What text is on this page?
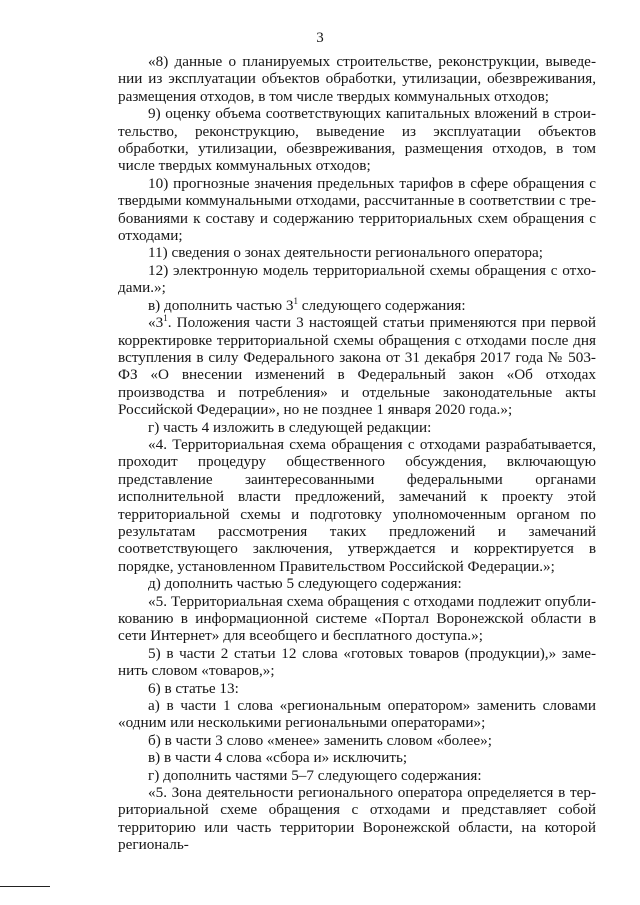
3

«8) данные о планируемых строительстве, реконструкции, выведении из эксплуатации объектов обработки, утилизации, обезвреживания, размещения отходов, в том числе твердых коммунальных отходов;

9) оценку объема соответствующих капитальных вложений в строительство, реконструкцию, выведение из эксплуатации объектов обработки, утилизации, обезвреживания, размещения отходов, в том числе твердых коммунальных отходов;

10) прогнозные значения предельных тарифов в сфере обращения с твердыми коммунальными отходами, рассчитанные в соответствии с требованиями к составу и содержанию территориальных схем обращения с отходами;

11) сведения о зонах деятельности регионального оператора;

12) электронную модель территориальной схемы обращения с отходами.»;

в) дополнить частью $3^1$ следующего содержания:

«$3^1$. Положения части 3 настоящей статьи применяются при первой корректировке территориальной схемы обращения с отходами после дня вступления в силу Федерального закона от 31 декабря 2017 года № 503-ФЗ «О внесении изменений в Федеральный закон «Об отходах производства и потребления» и отдельные законодательные акты Российской Федерации», но не позднее 1 января 2020 года.»;

г) часть 4 изложить в следующей редакции:

«4. Территориальная схема обращения с отходами разрабатывается, проходит процедуру общественного обсуждения, включающую представление заинтересованными федеральными органами исполнительной власти предложений, замечаний к проекту этой территориальной схемы и подготовку уполномоченным органом по результатам рассмотрения таких предложений и замечаний соответствующего заключения, утверждается и корректируется в порядке, установленном Правительством Российской Федерации.»;

д) дополнить частью 5 следующего содержания:

«5. Территориальная схема обращения с отходами подлежит опубликованию в информационной системе «Портал Воронежской области в сети Интернет» для всеобщего и бесплатного доступа.»;

5) в части 2 статьи 12 слова «готовых товаров (продукции),» заменить словом «товаров,»;

6) в статье 13:

а) в части 1 слова «региональным оператором» заменить словами «одним или несколькими региональными операторами»;

б) в части 3 слово «менее» заменить словом «более»;

в) в части 4 слова «сбора и» исключить;

г) дополнить частями 5–7 следующего содержания:

«5. Зона деятельности регионального оператора определяется в территориальной схеме обращения с отходами и представляет собой территорию или часть территории Воронежской области, на которой региональ-
